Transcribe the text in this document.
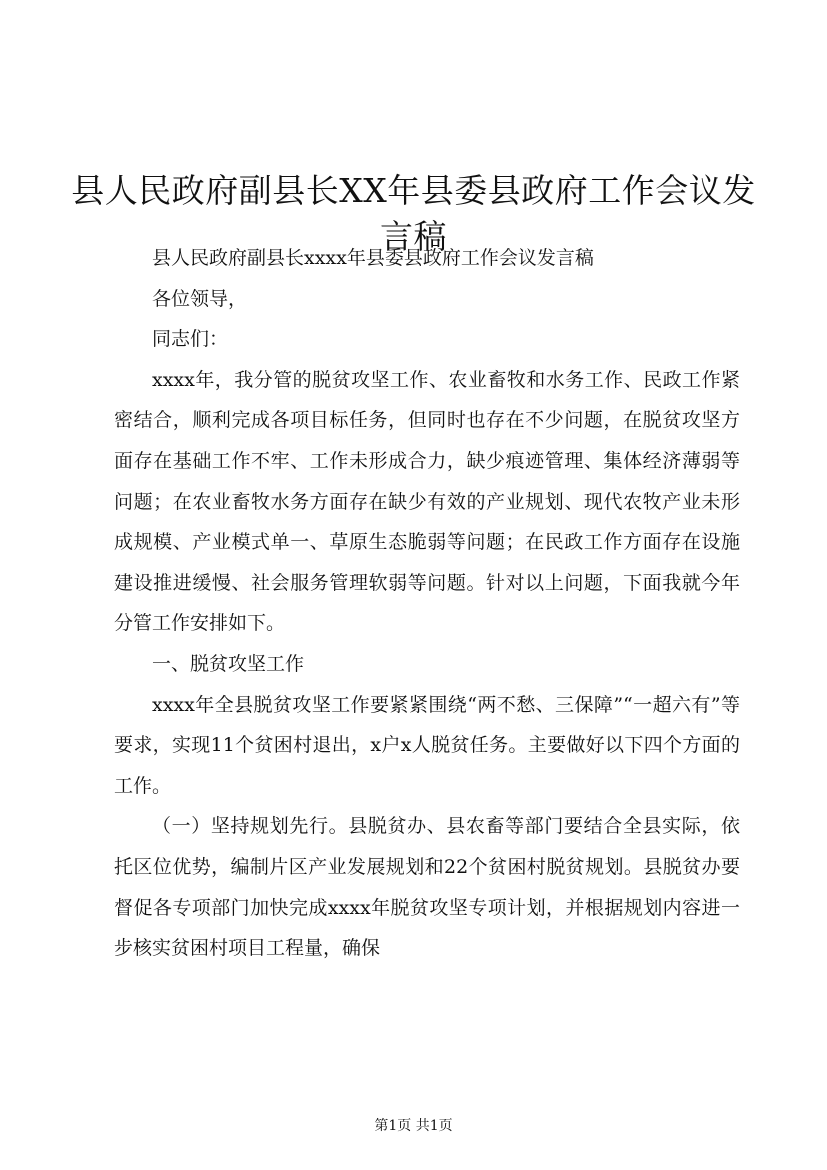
县人民政府副县长XX年县委县政府工作会议发言稿

县人民政府副县长xxxx年县委县政府工作会议发言稿

各位领导，

同志们：

xxxx年，我分管的脱贫攻坚工作、农业畜牧和水务工作、民政工作紧密结合，顺利完成各项目标任务，但同时也存在不少问题，在脱贫攻坚方面存在基础工作不牢、工作未形成合力，缺少痕迹管理、集体经济薄弱等问题；在农业畜牧水务方面存在缺少有效的产业规划、现代农牧产业未形成规模、产业模式单一、草原生态脆弱等问题；在民政工作方面存在设施建设推进缓慢、社会服务管理软弱等问题。针对以上问题，下面我就今年分管工作安排如下。

一、脱贫攻坚工作

xxxx年全县脱贫攻坚工作要紧紧围绕“两不愁、三保障”“一超六有”等要求，实现11个贫困村退出，x户x人脱贫任务。主要做好以下四个方面的工作。

（一）坚持规划先行。县脱贫办、县农畜等部门要结合全县实际，依托区位优势，编制片区产业发展规划和22个贫困村脱贫规划。县脱贫办要督促各专项部门加快完成xxxx年脱贫攻坚专项计划，并根据规划内容进一步核实贫困村项目工程量，确保

第1页 共1页
